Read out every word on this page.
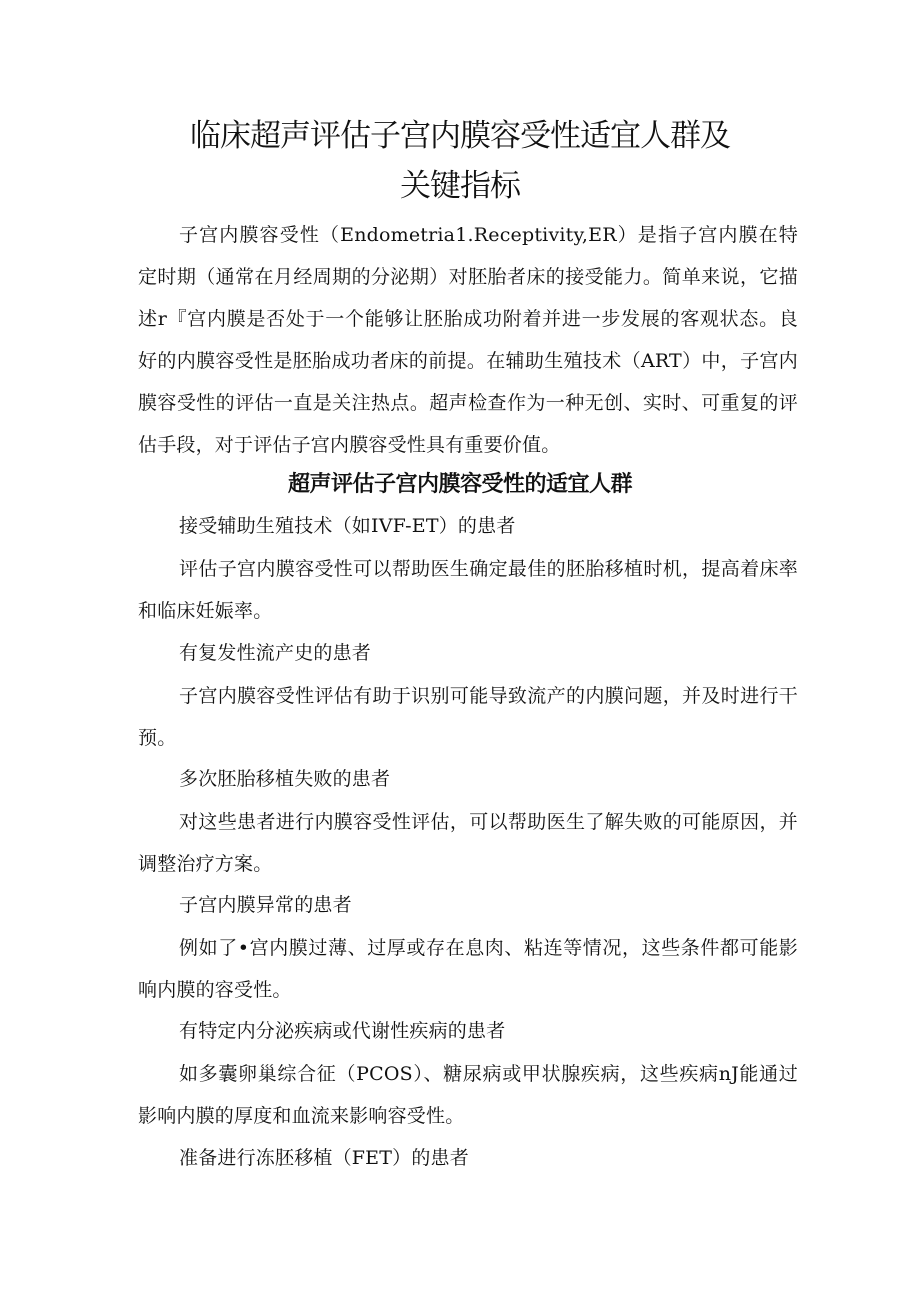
临床超声评估子宫内膜容受性适宜人群及
关键指标

子宫内膜容受性（Endometria1.Receptivity,ER）是指子宫内膜在特定时期（通常在月经周期的分泌期）对胚胎者床的接受能力。简单来说，它描述r『宫内膜是否处于一个能够让胚胎成功附着并进一步发展的客观状态。良好的内膜容受性是胚胎成功者床的前提。在辅助生殖技术（ART）中，子宫内膜容受性的评估一直是关注热点。超声检查作为一种无创、实时、可重复的评估手段，对于评估子宫内膜容受性具有重要价值。

超声评估子宫内膜容受性的适宜人群

接受辅助生殖技术（如IVF-ET）的患者

评估子宫内膜容受性可以帮助医生确定最佳的胚胎移植时机，提高着床率和临床妊娠率。

有复发性流产史的患者

子宫内膜容受性评估有助于识别可能导致流产的内膜问题，并及时进行干预。

多次胚胎移植失败的患者

对这些患者进行内膜容受性评估，可以帮助医生了解失败的可能原因，并调整治疗方案。

子宫内膜异常的患者

例如了•宫内膜过薄、过厚或存在息肉、粘连等情况，这些条件都可能影响内膜的容受性。

有特定内分泌疾病或代谢性疾病的患者

如多囊卵巢综合征（PCOS）、糖尿病或甲状腺疾病，这些疾病nJ能通过影响内膜的厚度和血流来影响容受性。

准备进行冻胚移植（FET）的患者
